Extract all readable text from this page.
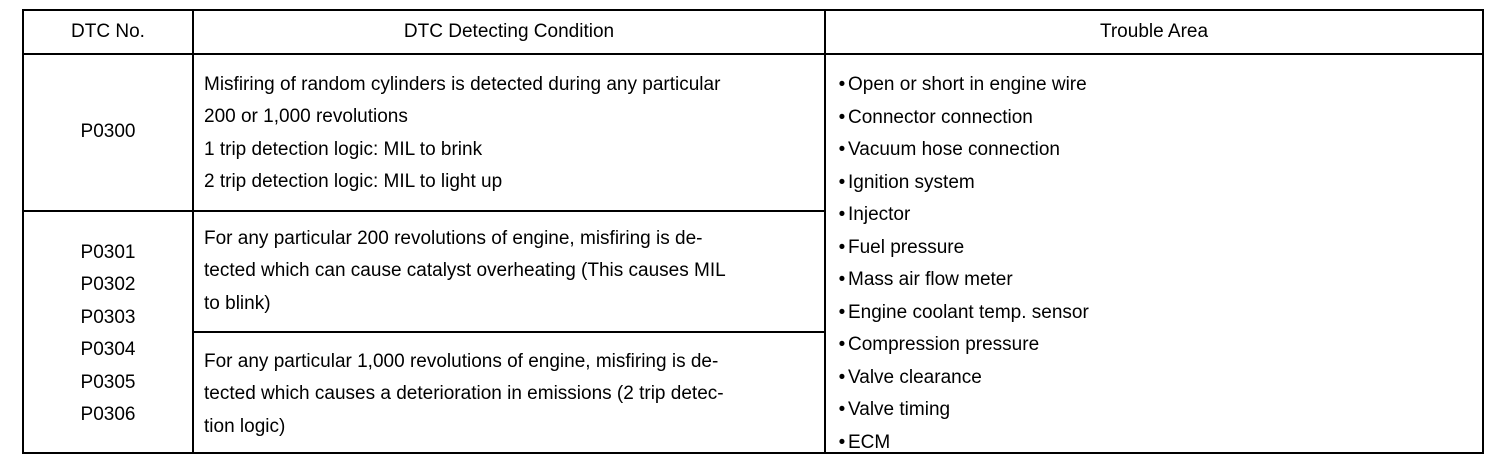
DTC No.	DTC Detecting Condition	Trouble Area
P0300
Misfiring of random cylinders is detected during any particular
200 or 1,000 revolutions
1 trip detection logic: MIL to brink
2 trip detection logic: MIL to light up
P0301
P0302
P0303
P0304
P0305
P0306
For any particular 200 revolutions of engine, misfiring is de-
tected which can cause catalyst overheating (This causes MIL
to blink)
For any particular 1,000 revolutions of engine, misfiring is de-
tected which causes a deterioration in emissions (2 trip detec-
tion logic)
• Open or short in engine wire
• Connector connection
• Vacuum hose connection
• Ignition system
• Injector
• Fuel pressure
• Mass air flow meter
• Engine coolant temp. sensor
• Compression pressure
• Valve clearance
• Valve timing
• ECM
